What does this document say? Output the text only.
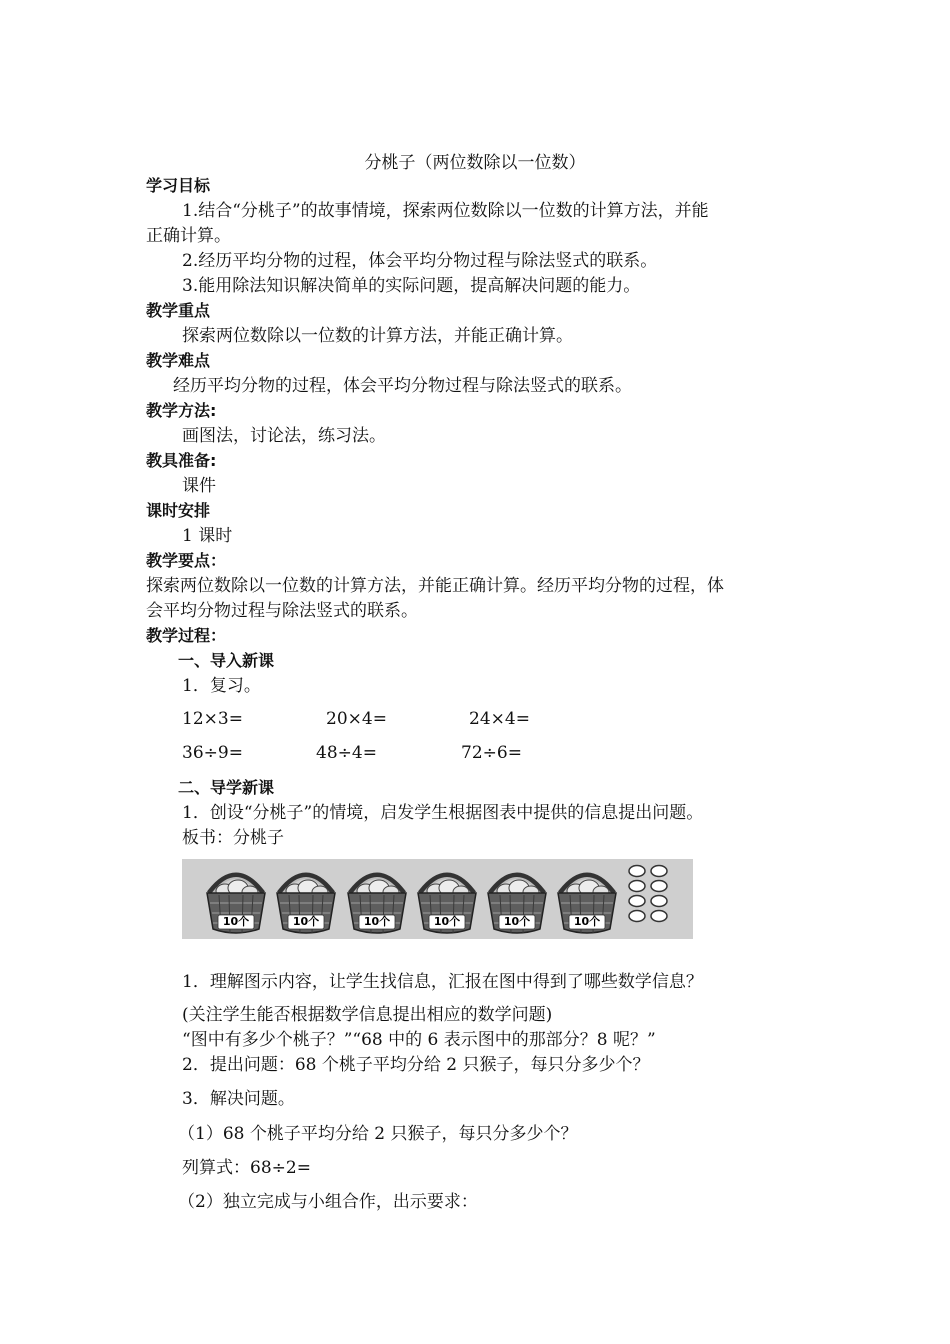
分桃子（两位数除以一位数）
学习目标
1.结合“分桃子”的故事情境，探索两位数除以一位数的计算方法，并能
正确计算。
2.经历平均分物的过程，体会平均分物过程与除法竖式的联系。
3.能用除法知识解决简单的实际问题，提高解决问题的能力。
教学重点
探索两位数除以一位数的计算方法，并能正确计算。
教学难点
经历平均分物的过程，体会平均分物过程与除法竖式的联系。
教学方法:
画图法，讨论法，练习法。
教具准备:
课件
课时安排
1 课时
教学要点：
探索两位数除以一位数的计算方法，并能正确计算。经历平均分物的过程，体
会平均分物过程与除法竖式的联系。
教学过程：
一、导入新课
1．复习。
12×3=	20×4=	24×4=
36÷9=	48÷4=	72÷6=
二、导学新课
1．创设“分桃子”的情境，启发学生根据图表中提供的信息提出问题。
板书：分桃子
10个	10个	10个	10个	10个	10个
1．理解图示内容，让学生找信息，汇报在图中得到了哪些数学信息？
(关注学生能否根据数学信息提出相应的数学问题)
“图中有多少个桃子？”“68 中的 6 表示图中的那部分？8 呢？”
2．提出问题：68 个桃子平均分给 2 只猴子，每只分多少个？
3．解决问题。
（1）68 个桃子平均分给 2 只猴子，每只分多少个？
列算式：68÷2=
（2）独立完成与小组合作，出示要求：
